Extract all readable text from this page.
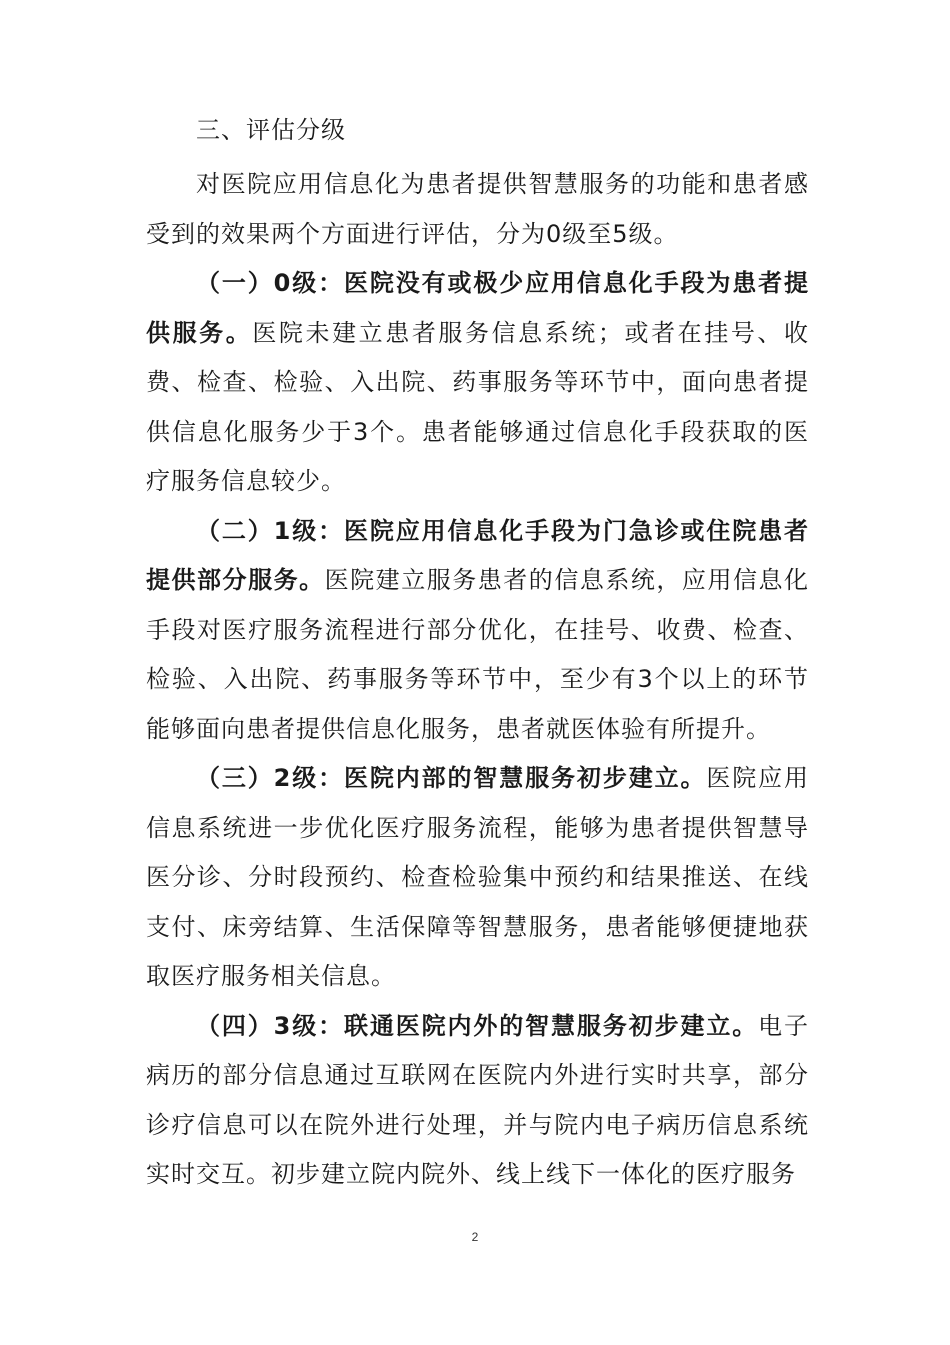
三、评估分级

对医院应用信息化为患者提供智慧服务的功能和患者感受到的效果两个方面进行评估，分为0级至5级。

（一）0级：医院没有或极少应用信息化手段为患者提供服务。医院未建立患者服务信息系统；或者在挂号、收费、检查、检验、入出院、药事服务等环节中，面向患者提供信息化服务少于3个。患者能够通过信息化手段获取的医疗服务信息较少。

（二）1级：医院应用信息化手段为门急诊或住院患者提供部分服务。医院建立服务患者的信息系统，应用信息化手段对医疗服务流程进行部分优化，在挂号、收费、检查、检验、入出院、药事服务等环节中，至少有3个以上的环节能够面向患者提供信息化服务，患者就医体验有所提升。

（三）2级：医院内部的智慧服务初步建立。医院应用信息系统进一步优化医疗服务流程，能够为患者提供智慧导医分诊、分时段预约、检查检验集中预约和结果推送、在线支付、床旁结算、生活保障等智慧服务，患者能够便捷地获取医疗服务相关信息。

（四）3级：联通医院内外的智慧服务初步建立。电子病历的部分信息通过互联网在医院内外进行实时共享，部分诊疗信息可以在院外进行处理，并与院内电子病历信息系统实时交互。初步建立院内院外、线上线下一体化的医疗服务

2
